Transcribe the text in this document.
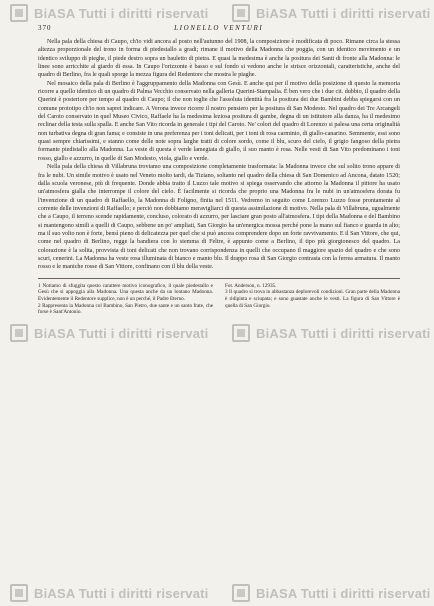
BiASA Tutti i diritti riservati	BiASA Tutti i diritti riservati
BiASA Tutti i diritti riservati	BiASA Tutti i diritti riservati
BiASA Tutti i diritti riservati	BiASA Tutti i diritti riservati
370	LIONELLO VENTURI

Nella pala della chiesa di Caupo, ch'io vidi ancora al posto nell'autunno del 1908, la composizione è modificata di poco. Rimane circa la stessa altezza proporzionale del trono in forma di piedestallo a gradi; rimane il motivo della Madonna che poggia, con un identico movimento e un identico sviluppo di pieghe, il piede destro sopra un bauletto di pietra. E quasi la medesima è anche la positura dei Santi di fronte alla Madonna: le linee sono arricchite al giardo di essa. In Caupo l'orizzonte è basso e sul fondo si vedono anche le strisce orizzontali, caratteristiche, anche del quadro di Berlino, fra le quali sporge la mezza figura del Redentore che mostra le piaghe.

Nel mosaico della pala di Berlino è l'aggruppamento della Madonna con Gesù. E anche qui per il motivo della posizione di questo la memoria ricorre a quello identico di un quadro di Palma Vecchio conservato nella galleria Querini-Stampalia. È ben vero che i due cit. dubbio, il quadro della Querini è posteriore per tempo al quadro di Caupo; il che non toglie che l'assoluta identità fra la positura dei due Bambini debba spiegarsi con un comune prototipo ch'io non saprei indicare. A Verona invece ricorre il nostro pensiero per la positura di San Modesto. Nel quadro dei Tre Arcangeli del Caroto conservato in quel Museo Civico, Raffaele ha la medesima leziosa positura di gambe, degna di un istitutore alla danza, ha il medesimo reclinar della testa sulla spalla. E anche San Vito ricorda in generale i tipi del Caroto. Ne' colori del quadro di Lorenzo si palesa una certa originalità non turbativa degna di gran fama; e consiste in una preferenza per i toni delicati, per i toni di rosa carminio, di giallo-canarino. Semmente, essi sono quasi sempre chiarissimi, e stanno come delle note sopra larghe tratti di colore sordo, come il blu, scuro del cielo, il grigio fangoso della pietra formante piedistallo alla Madonna. La veste di questa è verde lamegiata di giallo, il suo manto è rosa. Nelle vesti di San Vito predominano i toni rosso, giallo e azzurro, in quelle di San Modesto, viola, giallo e verde.

Nella pala della chiesa di Villabruna troviamo una composizione completamente trasformata: la Madonna invece che sul solito trono appare di fra le nubi. Un simile motivo è usato nel Veneto molto tardi, da Tiziano, soltanto nel quadro della chiesa di San Domenico ad Ancona, datato 1520; dalla scuola veronese, più di frequente. Donde abbia tratto il Luzzo tale motivo si spiega osservando che attorno la Madonna il pittore ha usato un'atmosfera gialla che interrompe il colore del cielo. È facilmente si ricorda che proprio una Madonna fra le nubi in un'atmosfera dorata fu l'invenzione di un quadro di Raffaello, la Madonna di Foligno, finita nel 1511. Vedremo in seguito come Lorenzo Luzzo fosse prontamente al corrente delle invenzioni di Raffaello; e perciò non dobbiamo meravigliarci di questa assimilazione di motivo. Nella pala di Villabruna, ugualmente che a Caupo, il terreno scende rapidamente, concluso, colorato di azzurro, per lasciare gran posto all'atmosfera. I tipi della Madonna e del Bambino si mantengono simili a quelli di Caupo, sebbene un po' ampliati, San Giorgio ha un'energica mossa perché pone la mano sul fianco e guarda in alto; ma il suo volto non è forte, bensì pieno di delicatezza per quel che si può ancora comprendere dopo un forte ravvivamento. E il San Vittore, che qui, come nel quadro di Berlino, regge la bandiera con lo stemma di Feltre, è appunto come a Berlino, il tipo più giorgionesco del quadro. La colorazione è la solita, provvista di toni delicati che non trovano corrispondenza in quelli che occupano il maggiore spazio del quadro e che sono scuri, cenerini. La Madonna ha veste rosa illuminata di bianco e manto blu. Il drappo rosa di San Giorgio contrasta con la ferrea armatura. Il manto rosso e le maniche rosse di San Vittore, confinano con il blu della veste.

1 Notiamo di sfuggita questo carattere motivo iconografico, il quale piedestallo e Gesù che si appoggia alla Madonna. Una questa anche da un lontano Madonna. Evidentemente il Redentore supplice, non è un perché, il Padre Eterno.

2 Rappresenta la Madonna col Bambino, San Pietro, due sante e un santo frate, che forse è Sant'Antonio.

Fot. Anderson, n. 12935.

3 Il quadro si trova in abbastanza deplorevoli condizioni. Gran parte della Madonna è ridipinta e sciupata; e sono guastate anche le vesti. La figura di San Vittore è quella di San Giorgio.
